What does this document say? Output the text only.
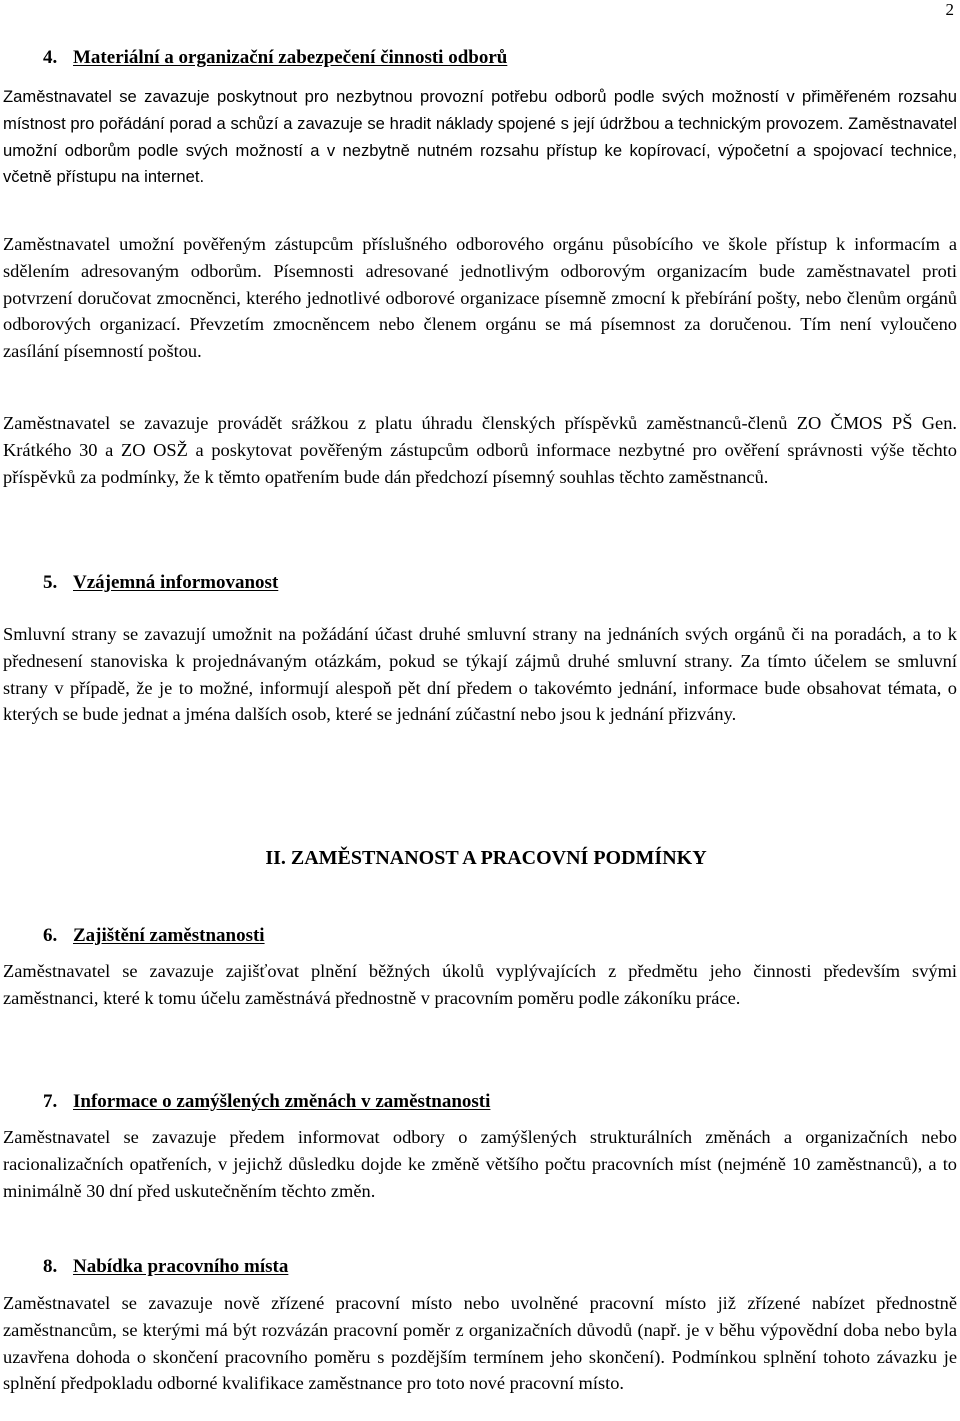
2
4. Materiální a organizační zabezpečení činnosti odborů

Zaměstnavatel se zavazuje poskytnout pro nezbytnou provozní potřebu odborů podle svých možností v přiměřeném rozsahu místnost pro pořádání porad a schůzí a zavazuje se hradit náklady spojené s její údržbou a technickým provozem. Zaměstnavatel umožní odborům podle svých možností a v nezbytně nutném rozsahu přístup ke kopírovací, výpočetní a spojovací technice, včetně přístupu na internet.

Zaměstnavatel umožní pověřeným zástupcům příslušného odborového orgánu působícího ve škole přístup k informacím a sdělením adresovaným odborům. Písemnosti adresované jednotlivým odborovým organizacím bude zaměstnavatel proti potvrzení doručovat zmocněnci, kterého jednotlivé odborové organizace písemně zmocní k přebírání pošty, nebo členům orgánů odborových organizací. Převzetím zmocněncem nebo členem orgánu se má písemnost za doručenou. Tím není vyloučeno zasílání písemností poštou.

Zaměstnavatel se zavazuje provádět srážkou z platu úhradu členských příspěvků zaměstnanců-členů ZO ČMOS PŠ Gen. Krátkého 30 a ZO OSŽ a poskytovat pověřeným zástupcům odborů informace nezbytné pro ověření správnosti výše těchto příspěvků za podmínky, že k těmto opatřením bude dán předchozí písemný souhlas těchto zaměstnanců.

5. Vzájemná informovanost

Smluvní strany se zavazují umožnit na požádání účast druhé smluvní strany na jednáních svých orgánů či na poradách, a to k přednesení stanoviska k projednávaným otázkám, pokud se týkají zájmů druhé smluvní strany. Za tímto účelem se smluvní strany v případě, že je to možné, informují alespoň pět dní předem o takovémto jednání, informace bude obsahovat témata, o kterých se bude jednat a jména dalších osob, které se jednání zúčastní nebo jsou k jednání přizvány.

II. ZAMĚSTNANOST A PRACOVNÍ PODMÍNKY
6. Zajištění zaměstnanosti

Zaměstnavatel se zavazuje zajišťovat plnění běžných úkolů vyplývajících z předmětu jeho činnosti především svými zaměstnanci, které k tomu účelu zaměstnává přednostně v pracovním poměru podle zákoníku práce.

7. Informace o zamýšlených změnách v zaměstnanosti

Zaměstnavatel se zavazuje předem informovat odbory o zamýšlených strukturálních změnách a organizačních nebo racionalizačních opatřeních, v jejichž důsledku dojde ke změně většího počtu pracovních míst (nejméně 10 zaměstnanců), a to minimálně 30 dní před uskutečněním těchto změn.

8. Nabídka pracovního místa

Zaměstnavatel se zavazuje nově zřízené pracovní místo nebo uvolněné pracovní místo již zřízené nabízet přednostně zaměstnancům, se kterými má být rozvázán pracovní poměr z organizačních důvodů (např. je v běhu výpovědní doba nebo byla uzavřena dohoda o skončení pracovního poměru s pozdějším termínem jeho skončení). Podmínkou splnění tohoto závazku je splnění předpokladu odborné kvalifikace zaměstnance pro toto nové pracovní místo.
